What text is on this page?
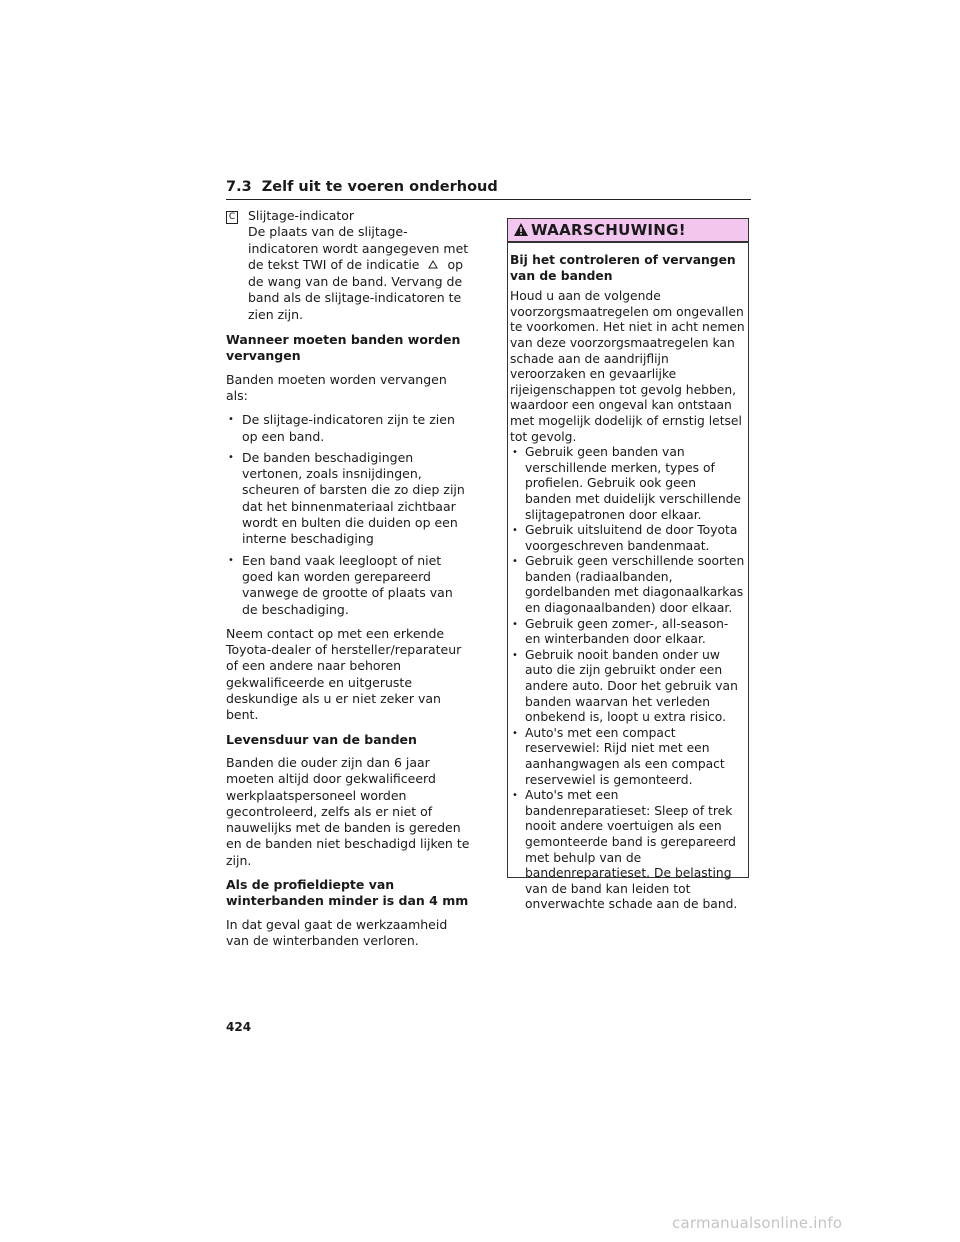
7.3 Zelf uit te voeren onderhoud
C Slijtage-indicator
De plaats van de slijtage-indicatoren wordt aangegeven met de tekst TWI of de indicatie op de wang van de band. Vervang de band als de slijtage-indicatoren te zien zijn.

Wanneer moeten banden worden vervangen

Banden moeten worden vervangen als:

• De slijtage-indicatoren zijn te zien op een band.
• De banden beschadigingen vertonen, zoals insnijdingen, scheuren of barsten die zo diep zijn dat het binnenmateriaal zichtbaar wordt en bulten die duiden op een interne beschadiging
• Een band vaak leegloopt of niet goed kan worden gerepareerd vanwege de grootte of plaats van de beschadiging.

Neem contact op met een erkende Toyota-dealer of hersteller/reparateur of een andere naar behoren gekwalificeerde en uitgeruste deskundige als u er niet zeker van bent.

Levensduur van de banden

Banden die ouder zijn dan 6 jaar moeten altijd door gekwalificeerd werkplaatspersoneel worden gecontroleerd, zelfs als er niet of nauwelijks met de banden is gereden en de banden niet beschadigd lijken te zijn.

Als de profieldiepte van winterbanden minder is dan 4 mm

In dat geval gaat de werkzaamheid van de winterbanden verloren.

WAARSCHUWING!

Bij het controleren of vervangen van de banden

Houd u aan de volgende voorzorgsmaatregelen om ongevallen te voorkomen. Het niet in acht nemen van deze voorzorgsmaatregelen kan schade aan de aandrijflijn veroorzaken en gevaarlijke rijeigenschappen tot gevolg hebben, waardoor een ongeval kan ontstaan met mogelijk dodelijk of ernstig letsel tot gevolg.

• Gebruik geen banden van verschillende merken, types of profielen. Gebruik ook geen banden met duidelijk verschillende slijtagepatronen door elkaar.
• Gebruik uitsluitend de door Toyota voorgeschreven bandenmaat.
• Gebruik geen verschillende soorten banden (radiaalbanden, gordelbanden met diagonaalkarkas en diagonaalbanden) door elkaar.
• Gebruik geen zomer-, all-season- en winterbanden door elkaar.
• Gebruik nooit banden onder uw auto die zijn gebruikt onder een andere auto. Door het gebruik van banden waarvan het verleden onbekend is, loopt u extra risico.
• Auto's met een compact reservewiel: Rijd niet met een aanhangwagen als een compact reservewiel is gemonteerd.
• Auto's met een bandenreparatieset: Sleep of trek nooit andere voertuigen als een gemonteerde band is gerepareerd met behulp van de bandenreparatieset. De belasting van de band kan leiden tot onverwachte schade aan de band.
424
carmanualsonline.info
